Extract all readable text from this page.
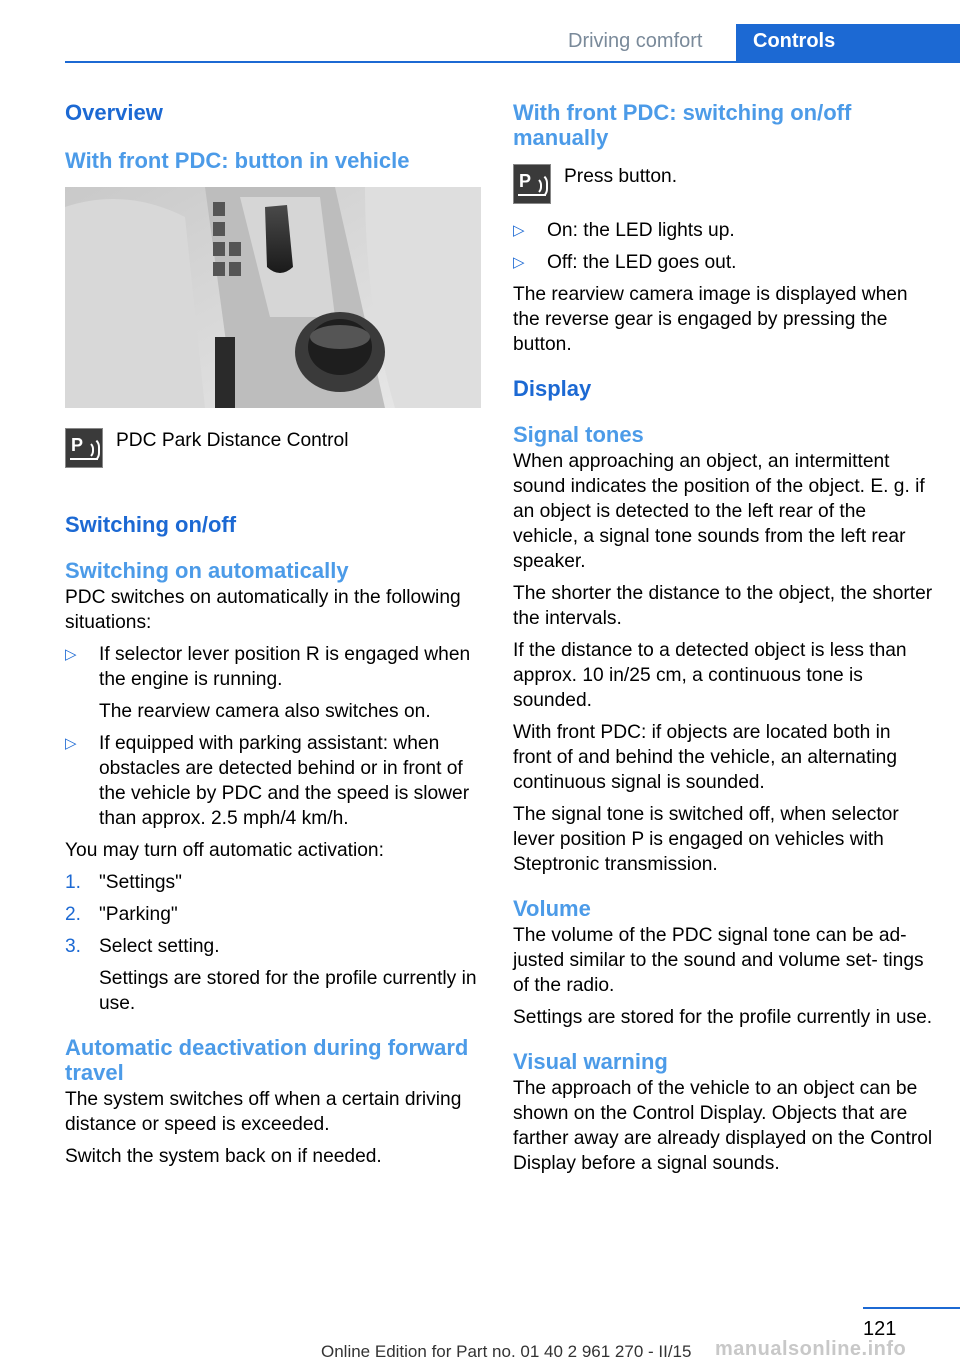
Driving comfort	Controls
Overview
With front PDC: button in vehicle
P PDC Park Distance Control
Switching on/off
Switching on automatically
PDC switches on automatically in the following situations:
▷ If selector lever position R is engaged when the engine is running.
The rearview camera also switches on.
▷ If equipped with parking assistant: when obstacles are detected behind or in front of the vehicle by PDC and the speed is slower than approx. 2.5 mph/4 km/h.
You may turn off automatic activation:
1. "Settings"
2. "Parking"
3. Select setting.
Settings are stored for the profile currently in use.
Automatic deactivation during forward travel
The system switches off when a certain driving distance or speed is exceeded.
Switch the system back on if needed.
With front PDC: switching on/off manually
P Press button.
▷ On: the LED lights up.
▷ Off: the LED goes out.
The rearview camera image is displayed when the reverse gear is engaged by pressing the button.
Display
Signal tones
When approaching an object, an intermittent sound indicates the position of the object. E. g. if an object is detected to the left rear of the vehicle, a signal tone sounds from the left rear speaker.
The shorter the distance to the object, the shorter the intervals.
If the distance to a detected object is less than approx. 10 in/25 cm, a continuous tone is sounded.
With front PDC: if objects are located both in front of and behind the vehicle, an alternating continuous signal is sounded.
The signal tone is switched off, when selector lever position P is engaged on vehicles with Steptronic transmission.
Volume
The volume of the PDC signal tone can be ad‐ justed similar to the sound and volume set‐ tings of the radio.
Settings are stored for the profile currently in use.
Visual warning
The approach of the vehicle to an object can be shown on the Control Display. Objects that are farther away are already displayed on the Control Display before a signal sounds.
121
manualsonline.info
Online Edition for Part no. 01 40 2 961 270 - II/15
